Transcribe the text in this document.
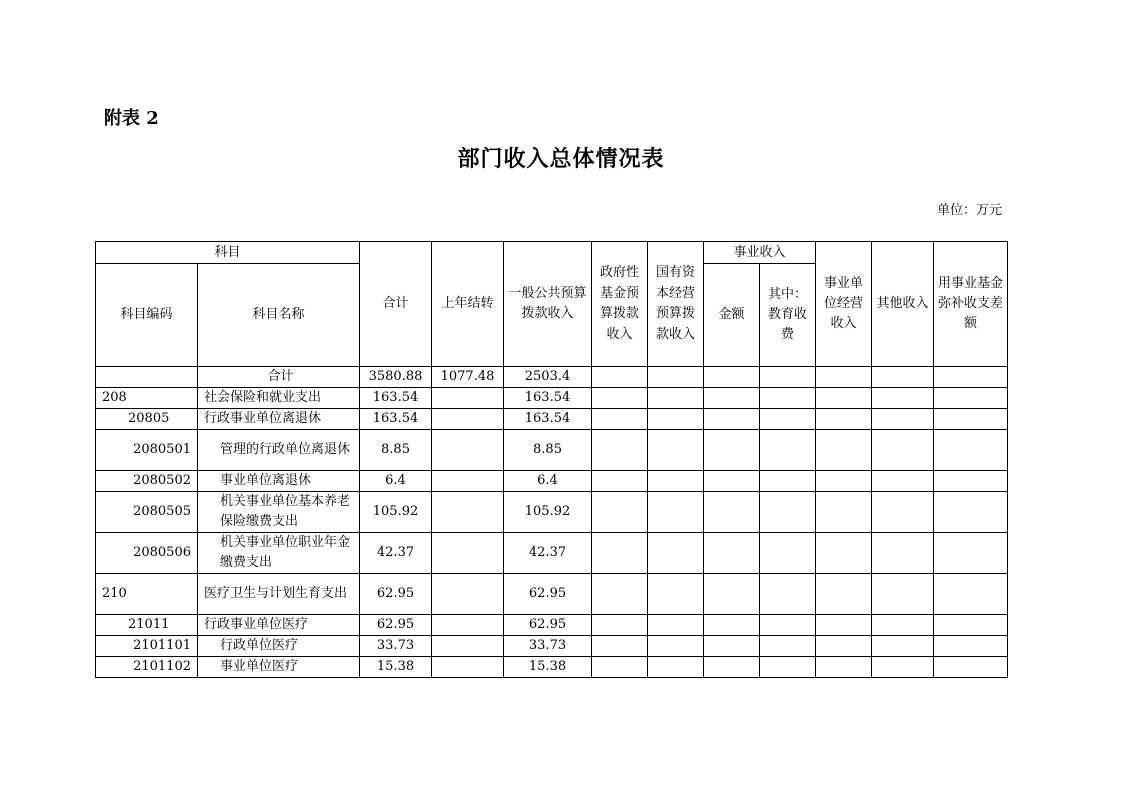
附表 2
部门收入总体情况表
单位：万元
科目		合计	上年结转	一般公共预算拨款收入	政府性基金预算拨款收入	国有资本经营预算拨款收入	事业收入		事业单位经营收入	其他收入	用事业基金弥补收支差额
科目编码	科目名称						金额	其中：教育收费			
	合计	3580.88	1077.48	2503.4							
208	社会保险和就业支出	163.54		163.54							
20805	行政事业单位离退休	163.54		163.54							
2080501	管理的行政单位离退休	8.85		8.85							
2080502	事业单位离退休	6.4		6.4							
2080505	机关事业单位基本养老保险缴费支出	105.92		105.92							
2080506	机关事业单位职业年金缴费支出	42.37		42.37							
210	医疗卫生与计划生育支出	62.95		62.95							
21011	行政事业单位医疗	62.95		62.95							
2101101	行政单位医疗	33.73		33.73							
2101102	事业单位医疗	15.38		15.38							
